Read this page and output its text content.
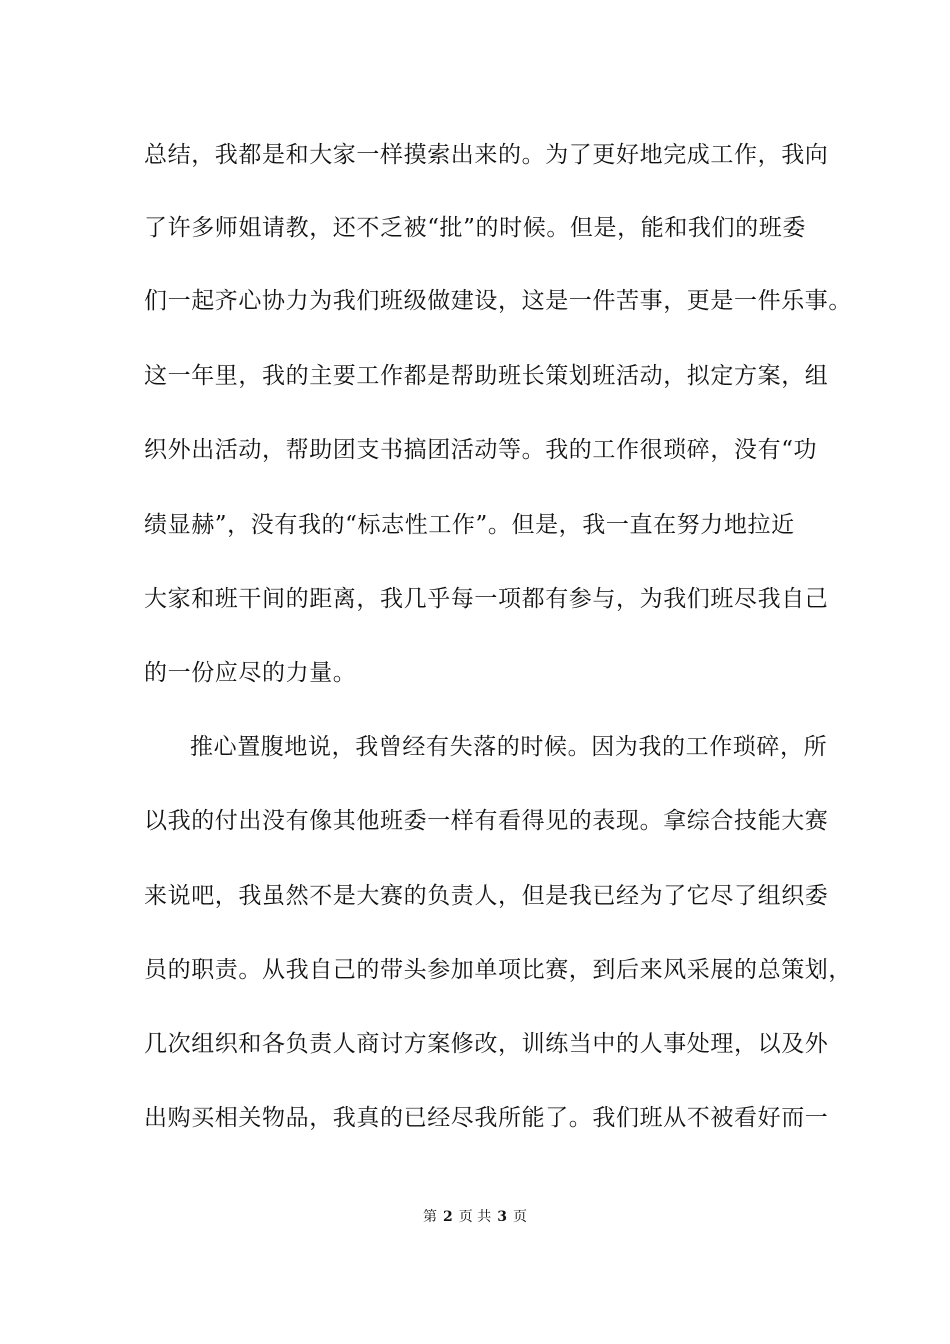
总结，我都是和大家一样摸索出来的。为了更好地完成工作，我向
了许多师姐请教，还不乏被“批”的时候。但是，能和我们的班委
们一起齐心协力为我们班级做建设，这是一件苦事，更是一件乐事。
这一年里，我的主要工作都是帮助班长策划班活动，拟定方案，组
织外出活动，帮助团支书搞团活动等。我的工作很琐碎，没有“功
绩显赫”，没有我的“标志性工作”。但是，我一直在努力地拉近
大家和班干间的距离，我几乎每一项都有参与，为我们班尽我自己
的一份应尽的力量。
推心置腹地说，我曾经有失落的时候。因为我的工作琐碎，所
以我的付出没有像其他班委一样有看得见的表现。拿综合技能大赛
来说吧，我虽然不是大赛的负责人，但是我已经为了它尽了组织委
员的职责。从我自己的带头参加单项比赛，到后来风采展的总策划，
几次组织和各负责人商讨方案修改，训练当中的人事处理，以及外
出购买相关物品，我真的已经尽我所能了。我们班从不被看好而一
第 2 页 共 3 页
